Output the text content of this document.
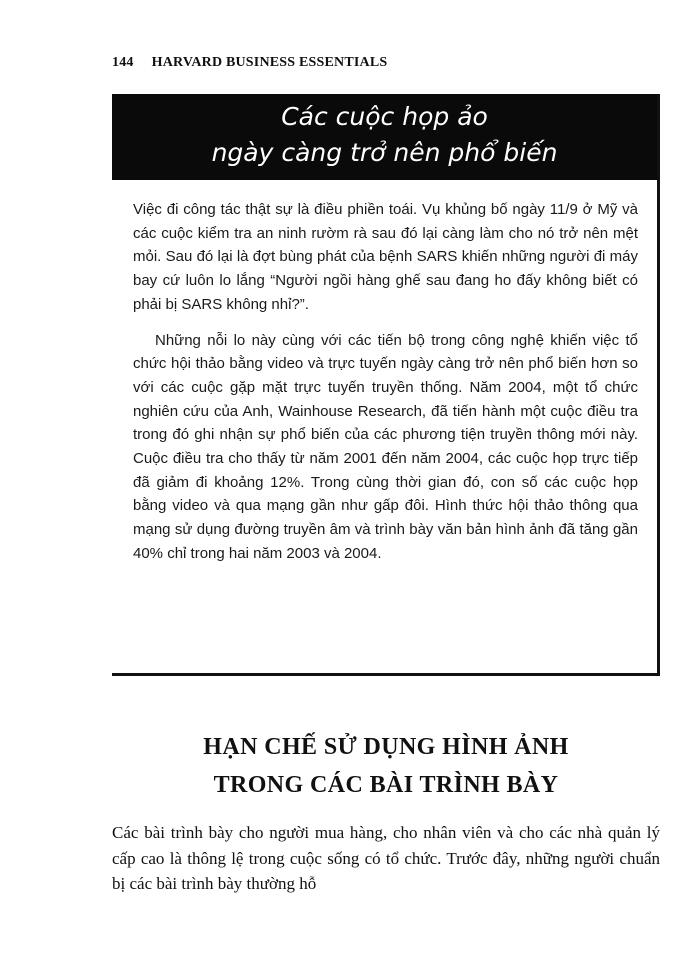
144 HARVARD BUSINESS ESSENTIALS
Các cuộc họp ảo
ngày càng trở nên phổ biến

Việc đi công tác thật sự là điều phiền toái. Vụ khủng bố ngày 11/9 ở Mỹ và các cuộc kiểm tra an ninh rườm rà sau đó lại càng làm cho nó trở nên mệt mỏi. Sau đó lại là đợt bùng phát của bệnh SARS khiến những người đi máy bay cứ luôn lo lắng “Người ngồi hàng ghế sau đang ho đấy không biết có phải bị SARS không nhỉ?”.

Những nỗi lo này cùng với các tiến bộ trong công nghệ khiến việc tổ chức hội thảo bằng video và trực tuyến ngày càng trở nên phổ biến hơn so với các cuộc gặp mặt trực tuyến truyền thống. Năm 2004, một tổ chức nghiên cứu của Anh, Wainhouse Research, đã tiến hành một cuộc điều tra trong đó ghi nhận sự phổ biến của các phương tiện truyền thông mới này. Cuộc điều tra cho thấy từ năm 2001 đến năm 2004, các cuộc họp trực tiếp đã giảm đi khoảng 12%. Trong cùng thời gian đó, con số các cuộc họp bằng video và qua mạng gần như gấp đôi. Hình thức hội thảo thông qua mạng sử dụng đường truyền âm và trình bày văn bản hình ảnh đã tăng gần 40% chỉ trong hai năm 2003 và 2004.

HẠN CHẾ SỬ DỤNG HÌNH ẢNH
TRONG CÁC BÀI TRÌNH BÀY

Các bài trình bày cho người mua hàng, cho nhân viên và cho các nhà quản lý cấp cao là thông lệ trong cuộc sống có tổ chức. Trước đây, những người chuẩn bị các bài trình bày thường hỗ
